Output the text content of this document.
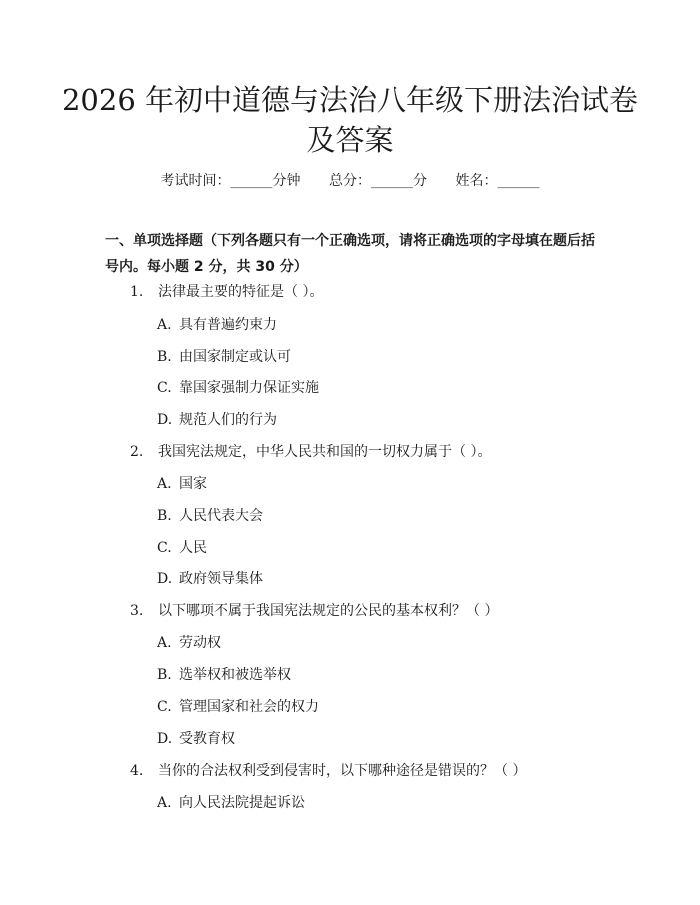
2026 年初中道德与法治八年级下册法治试卷
及答案
考试时间：______分钟 总分：______分 姓名：______
一、单项选择题（下列各题只有一个正确选项，请将正确选项的字母填在题后括号内。每小题 2 分，共 30 分）
1. 法律最主要的特征是（ ）。
A. 具有普遍约束力
B. 由国家制定或认可
C. 靠国家强制力保证实施
D. 规范人们的行为
2. 我国宪法规定，中华人民共和国的一切权力属于（ ）。
A. 国家
B. 人民代表大会
C. 人民
D. 政府领导集体
3. 以下哪项不属于我国宪法规定的公民的基本权利？（ ）
A. 劳动权
B. 选举权和被选举权
C. 管理国家和社会的权力
D. 受教育权
4. 当你的合法权利受到侵害时，以下哪种途径是错误的？（ ）
A. 向人民法院提起诉讼
